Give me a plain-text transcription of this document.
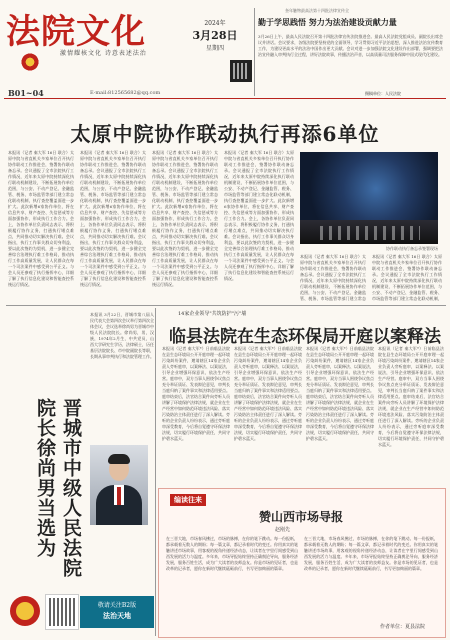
法院文化
激情耀核文化 诗意表述法治
2024年
3月28日
星期四
B01~04	E-mail:812565682@qq.com
奎年触物最高法第十四批法律宣传全
勤于学思践悟 努力为法治建设贡献力量
3月26日上午，最高人民法院召开第十四批法律宣传法院推进会。最高人民法院党组成员、副院长出席会议并讲话。会议要求，各级法院要坚持党的全面领导，学习贯彻习近平法治思想，深入推进法治宣传教育工作，为建设更高水平的法治中国作出更大贡献。会议对进一步加强法院文化建设作出部署，强调要把法治宣传融入审判执行全过程，讲好法院故事，传播法治声音，以高质量司法服务保障中国式现代化建设。
摄稿单位：人民法院
太原中院协作联动执行再添6单位
本报讯（记者 秦大军 16日 联合）太原中院与省直机关多家单位召开执行协作联动工作推进会，签署协作联动备忘录。会议通报了全市法院执行工作情况，近年来太原中院持续深化执行联动机制建设，不断拓展协作单位范围，与公安、不动产登记、金融监管、税务、市场监管等部门建立常态化联动机制，执行查控覆盖面进一步扩大。此次新增6家协作单位，将在信息共享、财产查控、失信惩戒等方面加强协作，形成执行工作合力。会上，各协作单位负责同志表示，将积极履行协作义务，打通执行堵点难点，共同推动切实解决执行难。会议指出，执行工作事关群众切身利益，要以此次签约为契机，进一步健全完善综合治理执行难工作格局，推动执行工作高质量发展，让人民群众在每一个司法案件中感受到公平正义。与会人员还参观了执行指挥中心，详细了解了执行信息化建设和智能查控系统运行情况。
本报讯（记者 秦大军 16日 联合）太原中院与省直机关多家单位召开执行协作联动工作推进会，签署协作联动备忘录。会议通报了全市法院执行工作情况，近年来太原中院持续深化执行联动机制建设，不断拓展协作单位范围，与公安、不动产登记、金融监管、税务、市场监管等部门建立常态化联动机制，执行查控覆盖面进一步扩大。此次新增6家协作单位，将在信息共享、财产查控、失信惩戒等方面加强协作，形成执行工作合力。会上，各协作单位负责同志表示，将积极履行协作义务，打通执行堵点难点，共同推动切实解决执行难。会议指出，执行工作事关群众切身利益，要以此次签约为契机，进一步健全完善综合治理执行难工作格局，推动执行工作高质量发展，让人民群众在每一个司法案件中感受到公平正义。与会人员还参观了执行指挥中心，详细了解了执行信息化建设和智能查控系统运行情况。
本报讯（记者 秦大军 16日 联合）太原中院与省直机关多家单位召开执行协作联动工作推进会，签署协作联动备忘录。会议通报了全市法院执行工作情况，近年来太原中院持续深化执行联动机制建设，不断拓展协作单位范围，与公安、不动产登记、金融监管、税务、市场监管等部门建立常态化联动机制，执行查控覆盖面进一步扩大。此次新增6家协作单位，将在信息共享、财产查控、失信惩戒等方面加强协作，形成执行工作合力。会上，各协作单位负责同志表示，将积极履行协作义务，打通执行堵点难点，共同推动切实解决执行难。会议指出，执行工作事关群众切身利益，要以此次签约为契机，进一步健全完善综合治理执行难工作格局，推动执行工作高质量发展，让人民群众在每一个司法案件中感受到公平正义。与会人员还参观了执行指挥中心，详细了解了执行信息化建设和智能查控系统运行情况。
本报讯（记者 秦大军 16日 联合）太原中院与省直机关多家单位召开执行协作联动工作推进会，签署协作联动备忘录。会议通报了全市法院执行工作情况，近年来太原中院持续深化执行联动机制建设，不断拓展协作单位范围，与公安、不动产登记、金融监管、税务、市场监管等部门建立常态化联动机制，执行查控覆盖面进一步扩大。此次新增6家协作单位，将在信息共享、财产查控、失信惩戒等方面加强协作，形成执行工作合力。会上，各协作单位负责同志表示，将积极履行协作义务，打通执行堵点难点，共同推动切实解决执行难。会议指出，执行工作事关群众切身利益，要以此次签约为契机，进一步健全完善综合治理执行难工作格局，推动执行工作高质量发展，让人民群众在每一个司法案件中感受到公平正义。与会人员还参观了执行指挥中心，详细了解了执行信息化建设和智能查控系统运行情况。
协作联动执行备忘录签署现场
本报讯（记者 秦大军 16日 联合）太原中院与省直机关多家单位召开执行协作联动工作推进会，签署协作联动备忘录。会议通报了全市法院执行工作情况，近年来太原中院持续深化执行联动机制建设，不断拓展协作单位范围，与公安、不动产登记、金融监管、税务、市场监管等部门建立常态
本报讯（记者 秦大军 16日 联合）太原中院与省直机关多家单位召开执行协作联动工作推进会，签署协作联动备忘录。会议通报了全市法院执行工作情况，近年来太原中院持续深化执行联动机制建设，不断拓展协作单位范围，与公安、不动产登记、金融监管、税务、市场监管等部门建立常态化联动机制，
本报讯 3月22日，晋城市第八届人民代表大会第四次会议举行第四次全体会议，会议选举徐尚男为晋城市中级人民法院院长。徐尚男，男，汉族，1974年2月生，中共党员，山西大学研究生学历，法律硕士，历任基层法院院长、市中院副院长等职，长期从事审判执行和法院管理工作。
晋城市中级人民法院院长徐尚男当选为
14家企业领导"共筑防护"污"墙
临县法院在生态环保局开庭以案释法
本报讯（记者 秦大军*）日前临县法院在县生态环境局公开开庭审理一起环境污染纠纷案件，邀请辖区14家企业负责人旁听庭审，以案释法、以案说法，引导企业增强环保意识、依法生产经营。庭审中，双方当事人围绕争议焦点充分举证质证、发表辩论意见，审判长当庭归纳了案件事实和法律适用要点。庭审结束后，法官结合案件向旁听人员讲解了环境保护法律法规，就企业在生产经营中如何防范环境违法风险、落实污染防治主体责任进行了深入解读。旁听的企业负责人纷纷表示，通过旁听庭审深受教育，今后将自觉遵守环保法律法规，切实履行环境保护责任，共同守护碧水蓝天。
本报讯（记者 秦大军*）日前临县法院在县生态环境局公开开庭审理一起环境污染纠纷案件，邀请辖区14家企业负责人旁听庭审，以案释法、以案说法，引导企业增强环保意识、依法生产经营。庭审中，双方当事人围绕争议焦点充分举证质证、发表辩论意见，审判长当庭归纳了案件事实和法律适用要点。庭审结束后，法官结合案件向旁听人员讲解了环境保护法律法规，就企业在生产经营中如何防范环境违法风险、落实污染防治主体责任进行了深入解读。旁听的企业负责人纷纷表示，通过旁听庭审深受教育，今后将自觉遵守环保法律法规，切实履行环境保护责任，共同守护碧水蓝天。
本报讯（记者 秦大军*）日前临县法院在县生态环境局公开开庭审理一起环境污染纠纷案件，邀请辖区14家企业负责人旁听庭审，以案释法、以案说法，引导企业增强环保意识、依法生产经营。庭审中，双方当事人围绕争议焦点充分举证质证、发表辩论意见，审判长当庭归纳了案件事实和法律适用要点。庭审结束后，法官结合案件向旁听人员讲解了环境保护法律法规，就企业在生产经营中如何防范环境违法风险、落实污染防治主体责任进行了深入解读。旁听的企业负责人纷纷表示，通过旁听庭审深受教育，今后将自觉遵守环保法律法规，切实履行环境保护责任，共同守护碧水蓝天。
本报讯（记者 秦大军*）日前临县法院在县生态环境局公开开庭审理一起环境污染纠纷案件，邀请辖区14家企业负责人旁听庭审，以案释法、以案说法，引导企业增强环保意识、依法生产经营。庭审中，双方当事人围绕争议焦点充分举证质证、发表辩论意见，审判长当庭归纳了案件事实和法律适用要点。庭审结束后，法官结合案件向旁听人员讲解了环境保护法律法规，就企业在生产经营中如何防范环境违法风险、落实污染防治主体责任进行了深入解读。旁听的企业负责人纷纷表示，通过旁听庭审深受教育，今后将自觉遵守环保法律法规，切实履行环境保护责任，共同守护碧水蓝天。
编读往来
赞山西市场导报
赵刚先
在三晋大地，市场春风拂过，市场的脉搏，在你的笔下跳动。每一份报纸，都承载着无数人的期盼；每一篇文章，都记录着时代的变迁。你用真实的笔触讲述市场故事，用客观的视角传递经济动态，让读者在字里行间感受到山西发展的活力与温度。多年来，市场导报始终坚持正确舆论导向，服务经济发展，服务百姓生活，成为广大读者的良师益友。你是市场的见证者，也是改革的记录者，愿你在新时代继续砥砺前行，书写更加绚丽的篇章。
在三晋大地，市场春风拂过，市场的脉搏，在你的笔下跳动。每一份报纸，都承载着无数人的期盼；每一篇文章，都记录着时代的变迁。你用真实的笔触讲述市场故事，用客观的视角传递经济动态，让读者在字里行间感受到山西发展的活力与温度。多年来，市场导报始终坚持正确舆论导向，服务经济发展，服务百姓生活，成为广大读者的良师益友。你是市场的见证者，也是改革的记录者，愿你在新时代继续砥砺前行，书写更加绚丽的篇章。
作者单位：夏县法院
敬请关注B2版
法治天地
